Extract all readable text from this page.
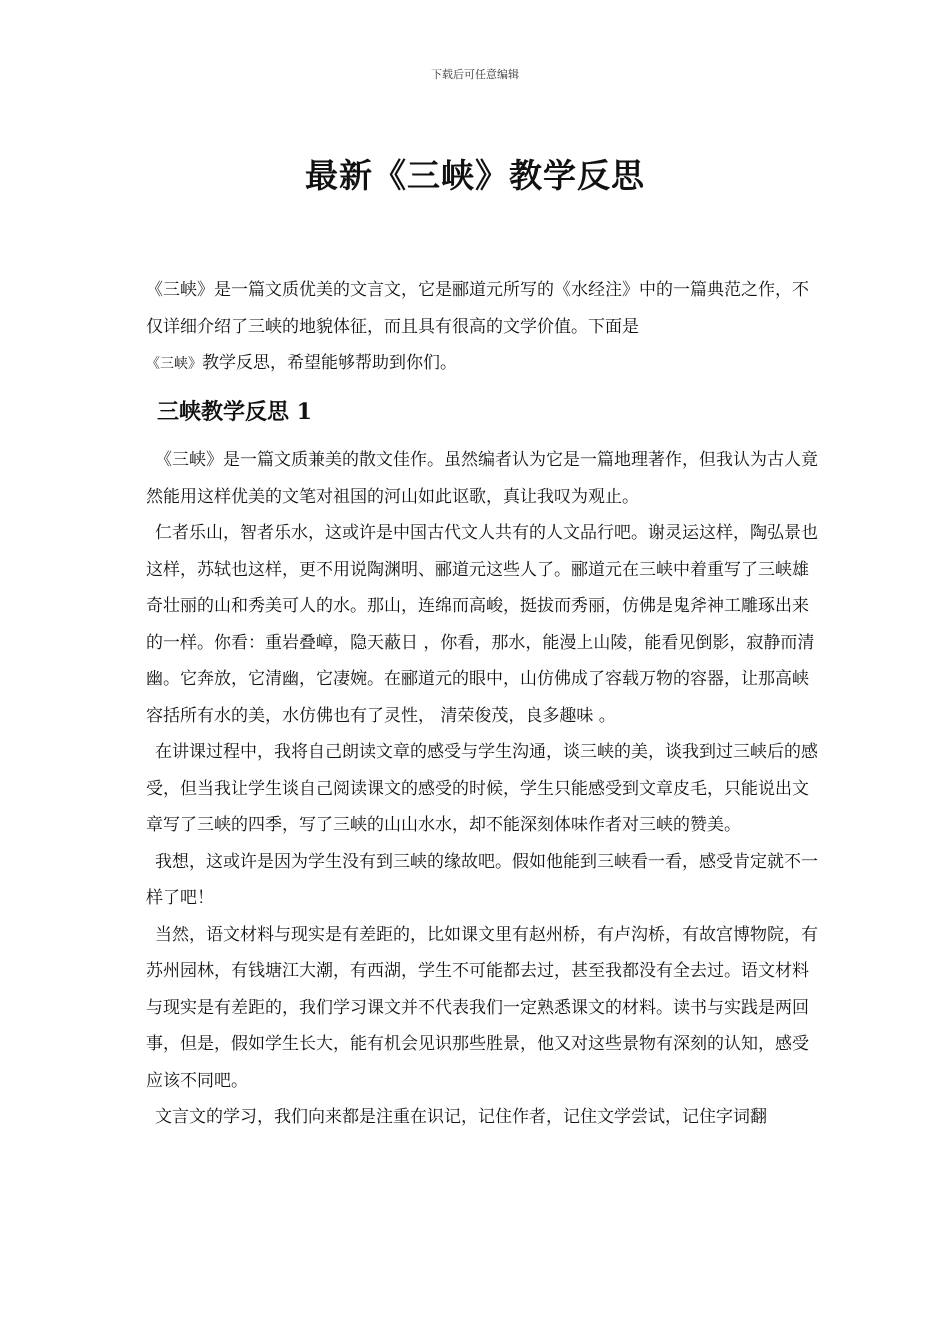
下载后可任意编辑
最新《三峡》教学反思

《三峡》是一篇文质优美的文言文，它是郦道元所写的《水经注》中的一篇典范之作，不仅详细介绍了三峡的地貌体征，而且具有很高的文学价值。下面是
《三峡》教学反思，希望能够帮助到你们。

三峡教学反思 1

《三峡》是一篇文质兼美的散文佳作。虽然编者认为它是一篇地理著作，但我认为古人竟然能用这样优美的文笔对祖国的河山如此讴歌，真让我叹为观止。

仁者乐山，智者乐水，这或许是中国古代文人共有的人文品行吧。谢灵运这样，陶弘景也这样，苏轼也这样，更不用说陶渊明、郦道元这些人了。郦道元在三峡中着重写了三峡雄奇壮丽的山和秀美可人的水。那山，连绵而高峻，挺拔而秀丽，仿佛是鬼斧神工雕琢出来的一样。你看：重岩叠嶂，隐天蔽日 ，你看，那水，能漫上山陵，能看见倒影，寂静而清幽。它奔放，它清幽，它凄婉。在郦道元的眼中，山仿佛成了容载万物的容器，让那高峡容括所有水的美，水仿佛也有了灵性， 清荣俊茂，良多趣味 。

在讲课过程中，我将自己朗读文章的感受与学生沟通，谈三峡的美，谈我到过三峡后的感受，但当我让学生谈自己阅读课文的感受的时候，学生只能感受到文章皮毛，只能说出文章写了三峡的四季，写了三峡的山山水水，却不能深刻体味作者对三峡的赞美。

我想，这或许是因为学生没有到三峡的缘故吧。假如他能到三峡看一看，感受肯定就不一样了吧！

当然，语文材料与现实是有差距的，比如课文里有赵州桥，有卢沟桥，有故宫博物院，有苏州园林，有钱塘江大潮，有西湖，学生不可能都去过，甚至我都没有全去过。语文材料与现实是有差距的，我们学习课文并不代表我们一定熟悉课文的材料。读书与实践是两回事，但是，假如学生长大，能有机会见识那些胜景，他又对这些景物有深刻的认知，感受应该不同吧。

文言文的学习，我们向来都是注重在识记，记住作者，记住文学尝试，记住字词翻
